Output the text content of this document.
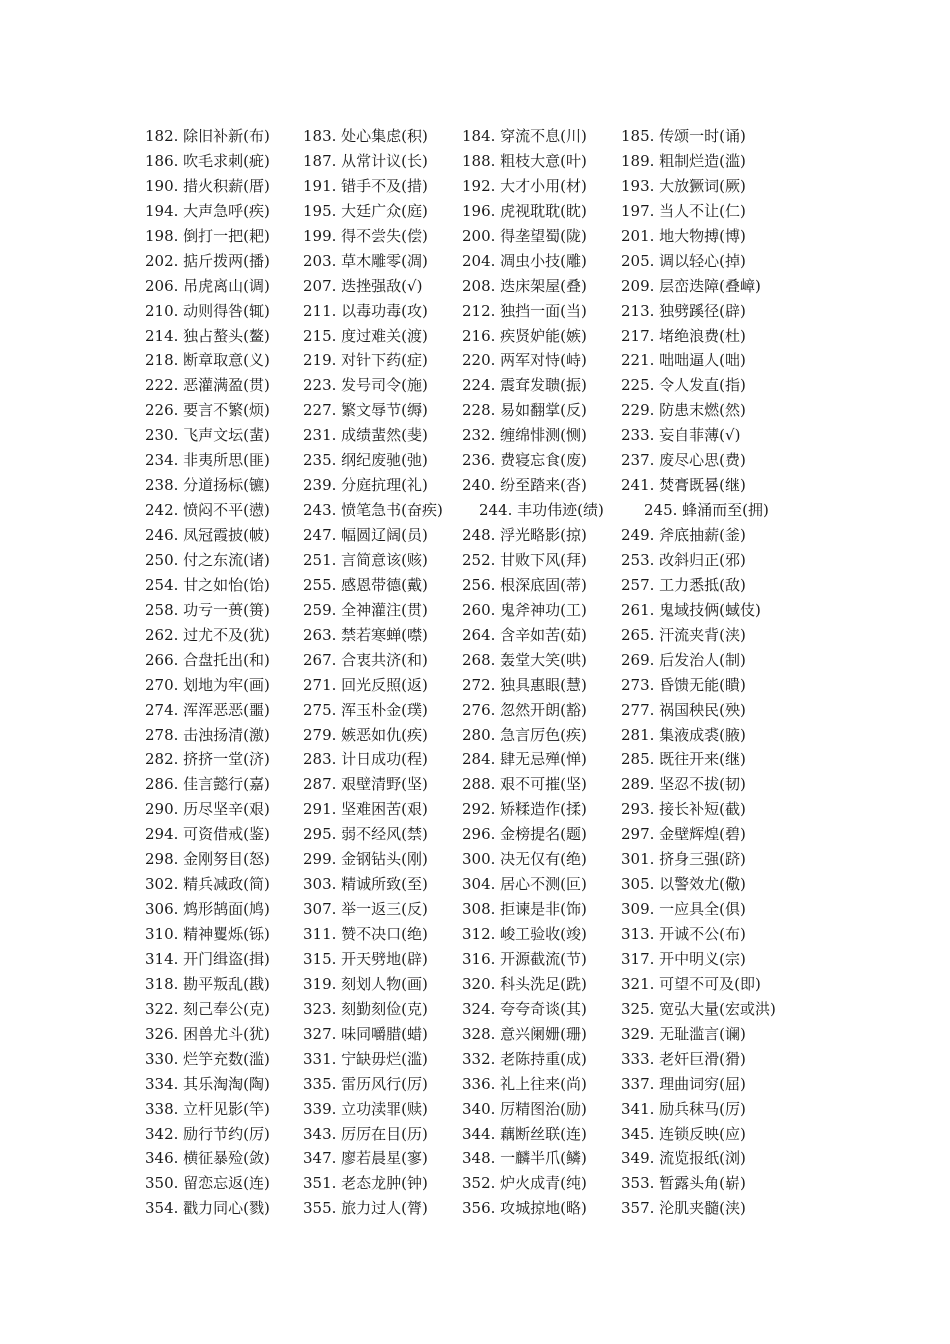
182. 除旧补新(布) 183. 处心集虑(积) 184. 穿流不息(川) 185. 传颂一时(诵)
186. 吹毛求刺(疵) 187. 从常计议(长) 188. 粗枝大意(叶) 189. 粗制烂造(滥)
190. 措火积薪(厝) 191. 错手不及(措) 192. 大才小用(材) 193. 大放獗词(厥)
194. 大声急呼(疾) 195. 大廷广众(庭) 196. 虎视耽耽(眈) 197. 当人不让(仁)
198. 倒打一把(耙) 199. 得不尝失(偿) 200. 得垄望蜀(陇) 201. 地大物搏(博)
202. 掂斤拨两(播) 203. 草木雕零(凋) 204. 凋虫小技(雕) 205. 调以轻心(掉)
206. 吊虎离山(调) 207. 迭挫强敌(√)	208. 迭床架屋(叠) 209. 层峦迭障(叠嶂)
210. 动则得咎(辄) 211. 以毒功毒(攻) 212. 独挡一面(当) 213. 独劈蹊径(辟)
214. 独占螯头(鳌) 215. 度过难关(渡) 216. 疾贤妒能(嫉) 217. 堵绝浪费(杜)
218. 断章取意(义) 219. 对针下药(症) 220. 两军对恃(峙) 221. 咄咄逼人(咄)
222. 恶灌满盈(贯) 223. 发号司令(施) 224. 震耷发聩(振) 225. 令人发直(指)
226. 要言不繁(烦) 227. 繁文辱节(缛) 228. 易如翻掌(反) 229. 防患末燃(然)
230. 飞声文坛(蜚) 231. 成绩蜚然(斐) 232. 缠绵悱测(恻) 233. 妄自菲薄(√)
234. 非夷所思(匪) 235. 纲纪废驰(弛) 236. 费寝忘食(废) 237. 废尽心思(费)
238. 分道扬标(镳) 239. 分庭抗理(礼) 240. 纷至踏来(沓) 241. 焚膏既晷(继)
242. 愤闷不平(懑) 243. 愤笔急书(奋疾) 244. 丰功伟迹(绩)	245. 蜂涌而至(拥)
246. 凤冠霞披(帔) 247. 幅圆辽阔(员) 248. 浮光略影(掠) 249. 斧底抽薪(釜)
250. 付之东流(诸) 251. 言简意该(赅) 252. 甘败下风(拜) 253. 改斜归正(邪)
254. 甘之如怡(饴) 255. 感恩带德(戴) 256. 根深底固(蒂) 257. 工力悉抵(敌)
258. 功亏一蒉(篑) 259. 全神灌注(贯) 260. 鬼斧神功(工) 261. 鬼域技俩(蜮伎)
262. 过尤不及(犹) 263. 禁若寒蝉(噤) 264. 含辛如苦(茹) 265. 汗流夹背(浃)
266. 合盘托出(和) 267. 合衷共济(和) 268. 轰堂大笑(哄) 269. 后发治人(制)
270. 划地为牢(画) 271. 回光反照(返) 272. 独具惠眼(慧) 273. 昏馈无能(瞶)
274. 浑浑恶恶(噩) 275. 浑玉朴金(璞) 276. 忽然开朗(豁) 277. 祸国秧民(殃)
278. 击浊扬清(激) 279. 嫉恶如仇(疾) 280. 急言厉色(疾) 281. 集液成裘(腋)
282. 挤挤一堂(济) 283. 计日成功(程) 284. 肆无忌殚(惮) 285. 既往开来(继)
286. 佳言懿行(嘉) 287. 艰壁清野(坚) 288. 艰不可摧(坚) 289. 坚忍不拔(韧)
290. 历尽坚辛(艰) 291. 坚难困苦(艰) 292. 矫糅造作(揉) 293. 接长补短(截)
294. 可资借戒(鉴) 295. 弱不经风(禁) 296. 金榜提名(题) 297. 金壁辉煌(碧)
298. 金刚努目(怒) 299. 金钢钻头(刚) 300. 决无仅有(绝) 301. 挤身三强(跻)
302. 精兵减政(简) 303. 精诚所致(至) 304. 居心不测(叵) 305. 以警效尤(儆)
306. 鸩形鹄面(鸠) 307. 举一返三(反) 308. 拒谏是非(饰) 309. 一应具全(俱)
310. 精神矍烁(铄) 311. 赞不决口(绝) 312. 峻工验收(竣) 313. 开诚不公(布)
314. 开门缉盗(揖) 315. 开天劈地(辟) 316. 开源截流(节) 317. 开中明义(宗)
318. 勘平叛乱(戡) 319. 刻划人物(画) 320. 科头洗足(跣) 321. 可望不可及(即)
322. 刻己奉公(克) 323. 刻勤刻俭(克) 324. 夸夸奇谈(其) 325. 宽弘大量(宏或洪)
326. 困兽尤斗(犹) 327. 味同嚼腊(蜡) 328. 意兴阑姗(珊) 329. 无耻滥言(谰)
330. 烂竽充数(滥) 331. 宁缺毋烂(滥) 332. 老陈持重(成) 333. 老奸巨滑(猾)
334. 其乐淘淘(陶) 335. 雷历风行(厉) 336. 礼上往来(尚) 337. 理曲词穷(屈)
338. 立杆见影(竿) 339. 立功渎罪(赎) 340. 厉精图治(励) 341. 励兵秣马(厉)
342. 励行节约(厉) 343. 厉厉在目(历) 344. 藕断丝联(连) 345. 连锁反映(应)
346. 横征暴殓(敛) 347. 廖若晨星(寥) 348. 一麟半爪(鳞) 349. 流览报纸(浏)
350. 留恋忘返(连) 351. 老态龙肿(钟) 352. 炉火成青(纯) 353. 暂露头角(崭)
354. 戳力同心(戮) 355. 旅力过人(膂) 356. 攻城掠地(略) 357. 沦肌夹髓(浃)
